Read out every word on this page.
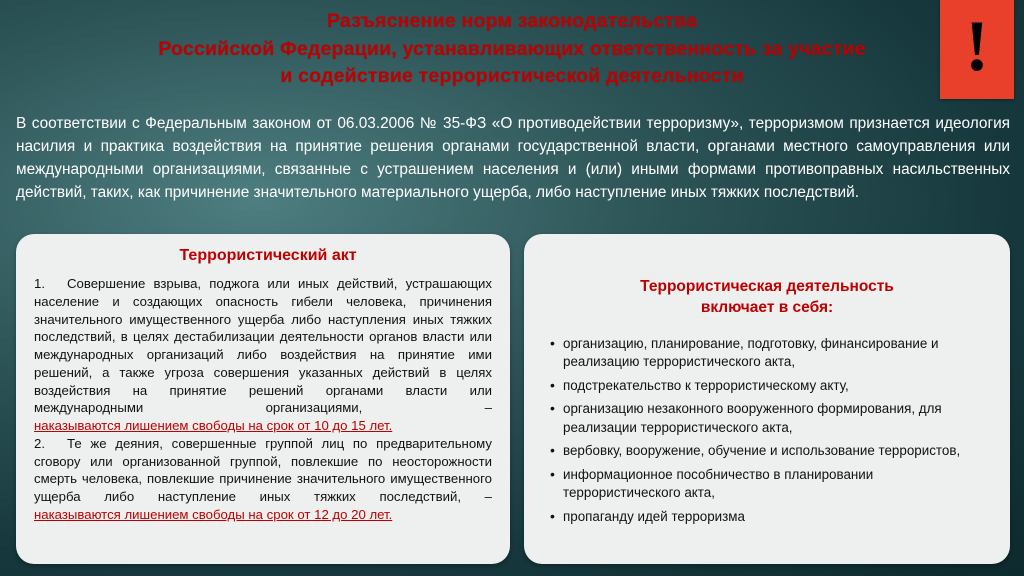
Разъяснение норм законодательства
Российской Федерации, устанавливающих ответственность за участие
и содействие террористической деятельности	!
В соответствии с Федеральным законом от 06.03.2006 № 35-ФЗ «О противодействии терроризму», терроризмом признается идеология насилия и практика воздействия на принятие решения органами государственной власти, органами местного самоуправления или международными организациями, связанные с устрашением населения и (или) иными формами противоправных насильственных действий, таких, как причинение значительного материального ущерба, либо наступление иных тяжких последствий.
Террористический акт

1. Совершение взрыва, поджога или иных действий, устрашающих население и создающих опасность гибели человека, причинения значительного имущественного ущерба либо наступления иных тяжких последствий, в целях дестабилизации деятельности органов власти или международных организаций либо воздействия на принятие ими решений, а также угроза совершения указанных действий в целях воздействия на принятие решений органами власти или международными организациями, – наказываются лишением свободы на срок от 10 до 15 лет.

2. Те же деяния, совершенные группой лиц по предварительному сговору или организованной группой, повлекшие по неосторожности смерть человека, повлекшие причинение значительного имущественного ущерба либо наступление иных тяжких последствий, – наказываются лишением свободы на срок от 12 до 20 лет.

Террористическая деятельность
включает в себя:
• организацию, планирование, подготовку, финансирование и реализацию террористического акта,
• подстрекательство к террористическому акту,
• организацию незаконного вооруженного формирования, для реализации террористического акта,
• вербовку, вооружение, обучение и использование террористов,
• информационное пособничество в планировании террористического акта,
• пропаганду идей терроризма
